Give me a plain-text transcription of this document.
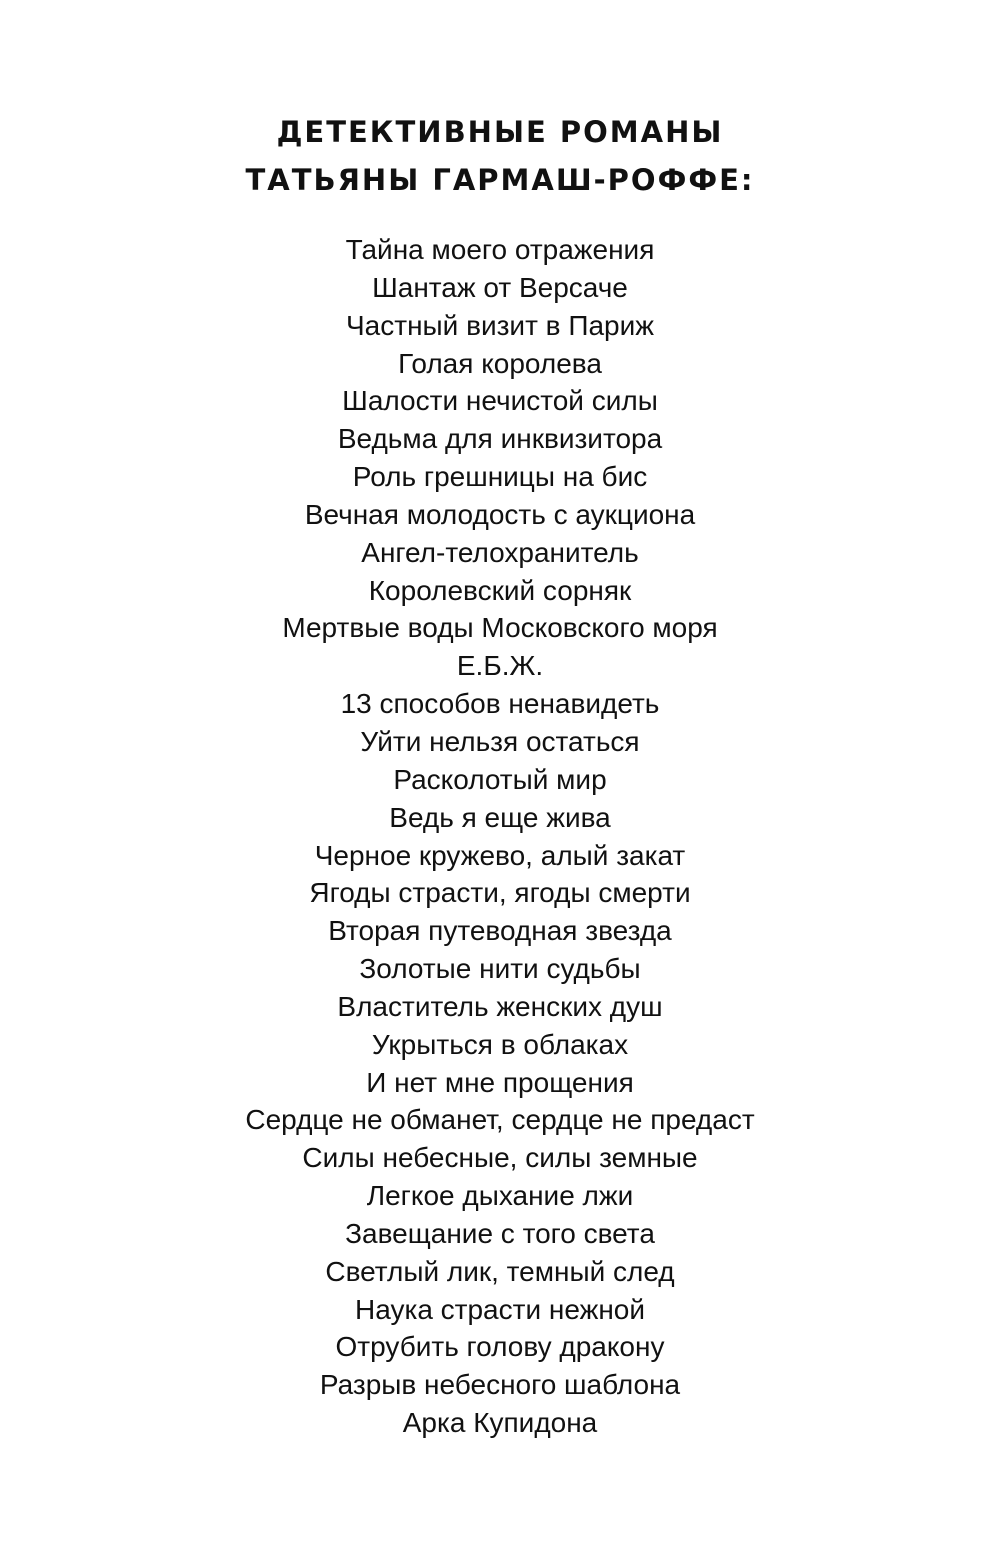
ДЕТЕКТИВНЫЕ РОМАНЫ
ТАТЬЯНЫ ГАРМАШ-РОФФЕ:
Тайна моего отражения
Шантаж от Версаче
Частный визит в Париж
Голая королева
Шалости нечистой силы
Ведьма для инквизитора
Роль грешницы на бис
Вечная молодость с аукциона
Ангел-телохранитель
Королевский сорняк
Мертвые воды Московского моря
Е.Б.Ж.
13 способов ненавидеть
Уйти нельзя остаться
Расколотый мир
Ведь я еще жива
Черное кружево, алый закат
Ягоды страсти, ягоды смерти
Вторая путеводная звезда
Золотые нити судьбы
Властитель женских душ
Укрыться в облаках
И нет мне прощения
Сердце не обманет, сердце не предаст
Силы небесные, силы земные
Легкое дыхание лжи
Завещание с того света
Светлый лик, темный след
Наука страсти нежной
Отрубить голову дракону
Разрыв небесного шаблона
Арка Купидона
